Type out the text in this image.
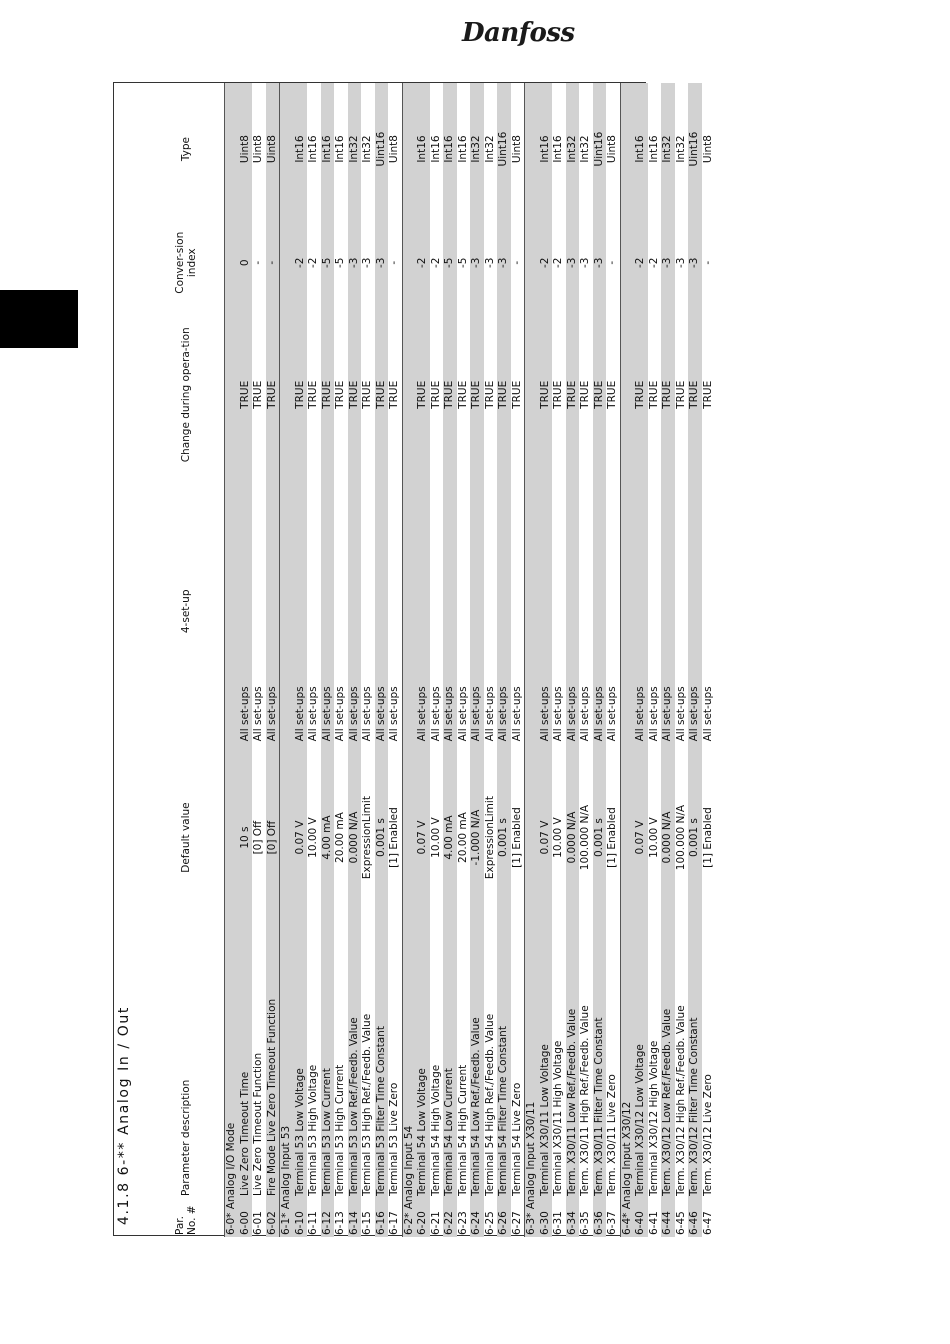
Danfoss
4.1.8 6-** Analog In / Out
Par. No. #	Parameter description	Default value	4-set-up	Change during opera-tion	Conver-sion index	Type
6-0* Analog I/O Mode						
6-00	Live Zero Timeout Time	10 s	All set-ups	TRUE	0	Uint8
6-01	Live Zero Timeout Function	[0] Off	All set-ups	TRUE	-	Uint8
6-02	Fire Mode Live Zero Timeout Function	[0] Off	All set-ups	TRUE	-	Uint8
6-1* Analog Input 53						
6-10	Terminal 53 Low Voltage	0.07 V	All set-ups	TRUE	-2	Int16
6-11	Terminal 53 High Voltage	10.00 V	All set-ups	TRUE	-2	Int16
6-12	Terminal 53 Low Current	4.00 mA	All set-ups	TRUE	-5	Int16
6-13	Terminal 53 High Current	20.00 mA	All set-ups	TRUE	-5	Int16
6-14	Terminal 53 Low Ref./Feedb. Value	0.000 N/A	All set-ups	TRUE	-3	Int32
6-15	Terminal 53 High Ref./Feedb. Value	ExpressionLimit	All set-ups	TRUE	-3	Int32
6-16	Terminal 53 Filter Time Constant	0.001 s	All set-ups	TRUE	-3	Uint16
6-17	Terminal 53 Live Zero	[1] Enabled	All set-ups	TRUE	-	Uint8
6-2* Analog Input 54						
6-20	Terminal 54 Low Voltage	0.07 V	All set-ups	TRUE	-2	Int16
6-21	Terminal 54 High Voltage	10.00 V	All set-ups	TRUE	-2	Int16
6-22	Terminal 54 Low Current	4.00 mA	All set-ups	TRUE	-5	Int16
6-23	Terminal 54 High Current	20.00 mA	All set-ups	TRUE	-5	Int16
6-24	Terminal 54 Low Ref./Feedb. Value	-1.000 N/A	All set-ups	TRUE	-3	Int32
6-25	Terminal 54 High Ref./Feedb. Value	ExpressionLimit	All set-ups	TRUE	-3	Int32
6-26	Terminal 54 Filter Time Constant	0.001 s	All set-ups	TRUE	-3	Uint16
6-27	Terminal 54 Live Zero	[1] Enabled	All set-ups	TRUE	-	Uint8
6-3* Analog Input X30/11						
6-30	Terminal X30/11 Low Voltage	0.07 V	All set-ups	TRUE	-2	Int16
6-31	Terminal X30/11 High Voltage	10.00 V	All set-ups	TRUE	-2	Int16
6-34	Term. X30/11 Low Ref./Feedb. Value	0.000 N/A	All set-ups	TRUE	-3	Int32
6-35	Term. X30/11 High Ref./Feedb. Value	100.000 N/A	All set-ups	TRUE	-3	Int32
6-36	Term. X30/11 Filter Time Constant	0.001 s	All set-ups	TRUE	-3	Uint16
6-37	Term. X30/11 Live Zero	[1] Enabled	All set-ups	TRUE	-	Uint8
6-4* Analog Input X30/12						
6-40	Terminal X30/12 Low Voltage	0.07 V	All set-ups	TRUE	-2	Int16
6-41	Terminal X30/12 High Voltage	10.00 V	All set-ups	TRUE	-2	Int16
6-44	Term. X30/12 Low Ref./Feedb. Value	0.000 N/A	All set-ups	TRUE	-3	Int32
6-45	Term. X30/12 High Ref./Feedb. Value	100.000 N/A	All set-ups	TRUE	-3	Int32
6-46	Term. X30/12 Filter Time Constant	0.001 s	All set-ups	TRUE	-3	Uint16
6-47	Term. X30/12 Live Zero	[1] Enabled	All set-ups	TRUE	-	Uint8
